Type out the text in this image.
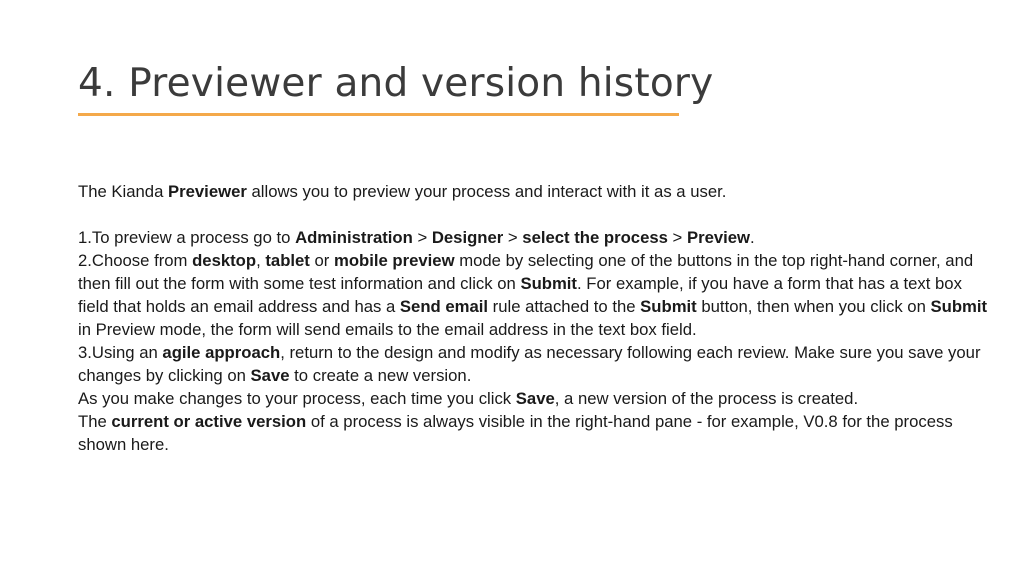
4. Previewer and version history

The Kianda Previewer allows you to preview your process and interact with it as a user.

1.To preview a process go to Administration > Designer > select the process > Preview.

2.Choose from desktop, tablet or mobile preview mode by selecting one of the buttons in the top right-hand corner, and then fill out the form with some test information and click on Submit. For example, if you have a form that has a text box field that holds an email address and has a Send email rule attached to the Submit button, then when you click on Submit in Preview mode, the form will send emails to the email address in the text box field.

3.Using an agile approach, return to the design and modify as necessary following each review. Make sure you save your changes by clicking on Save to create a new version.

As you make changes to your process, each time you click Save, a new version of the process is created.

The current or active version of a process is always visible in the right-hand pane - for example, V0.8 for the process shown here.
